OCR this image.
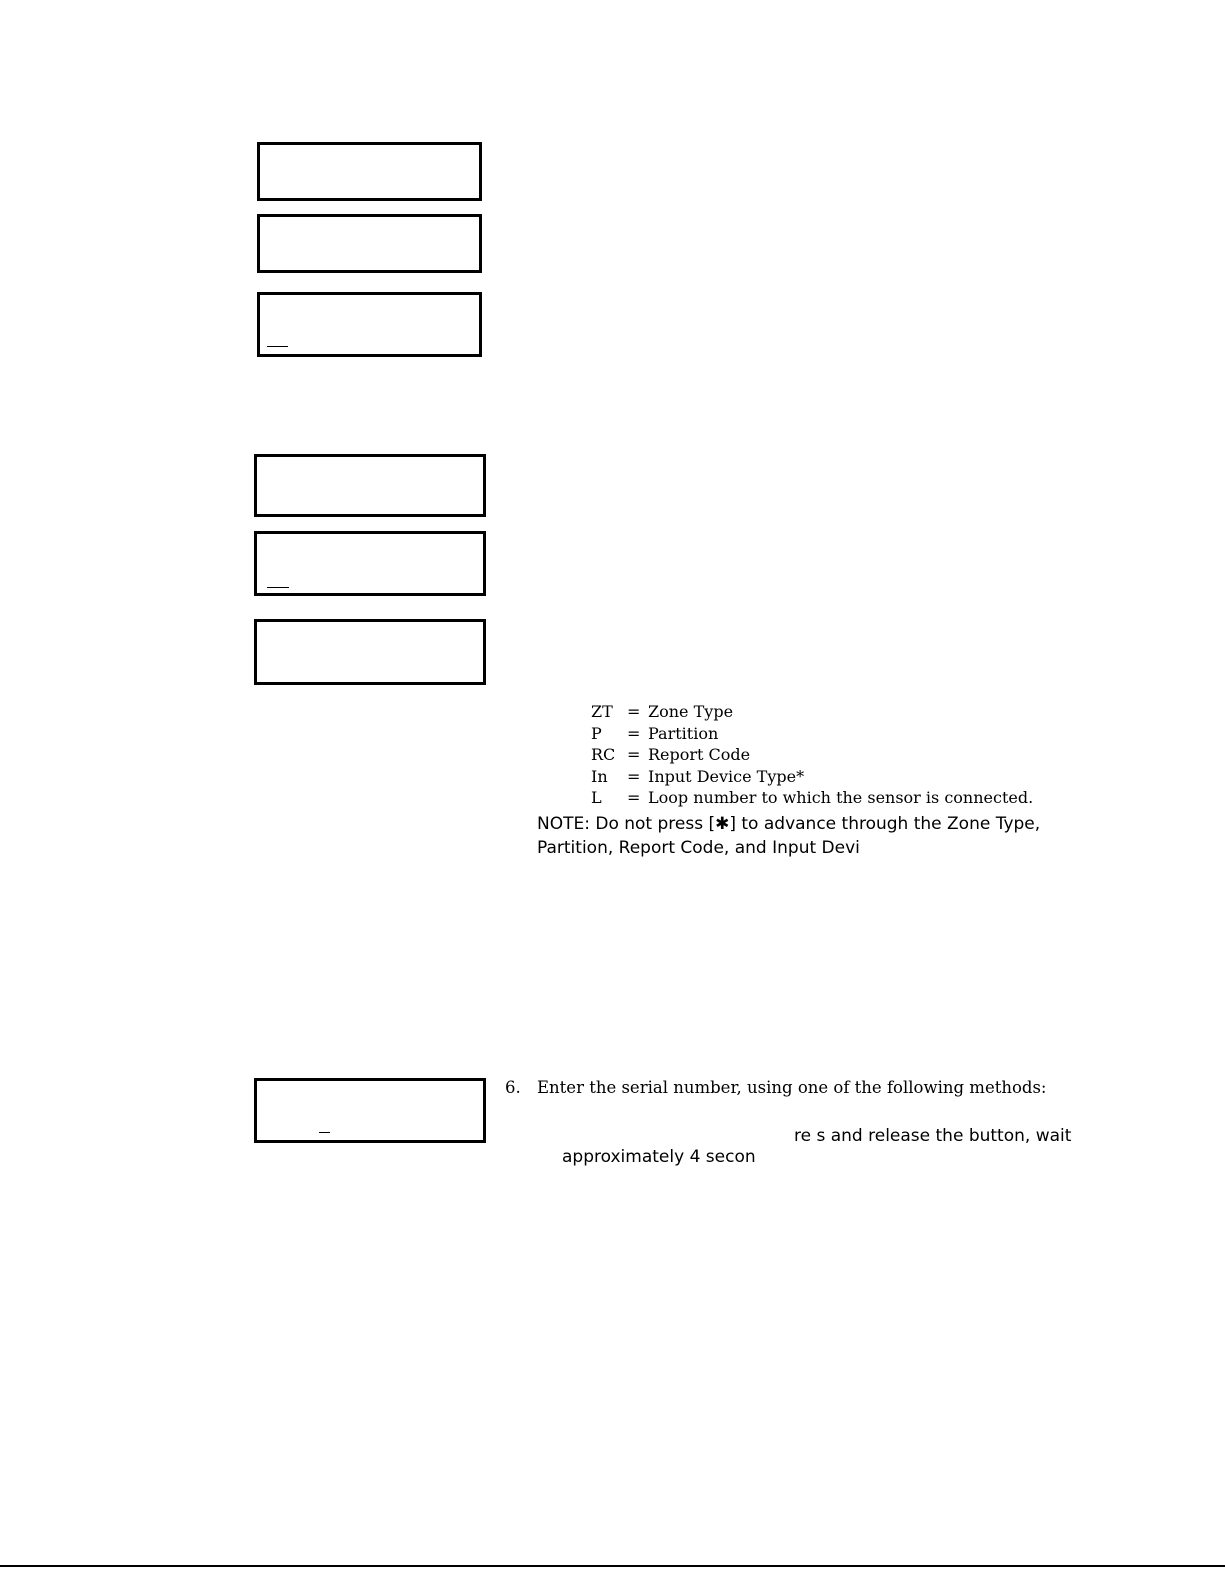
ZT = Zone Type
P = Partition
RC = Report Code
In = Input Device Type*
L = Loop number to which the sensor is connected.
NOTE: Do not press [✱] to advance through the Zone Type,
Partition, Report Code, and Input Devi
6. Enter the serial number, using one of the following methods:
re s and release the button, wait
approximately 4 secon
